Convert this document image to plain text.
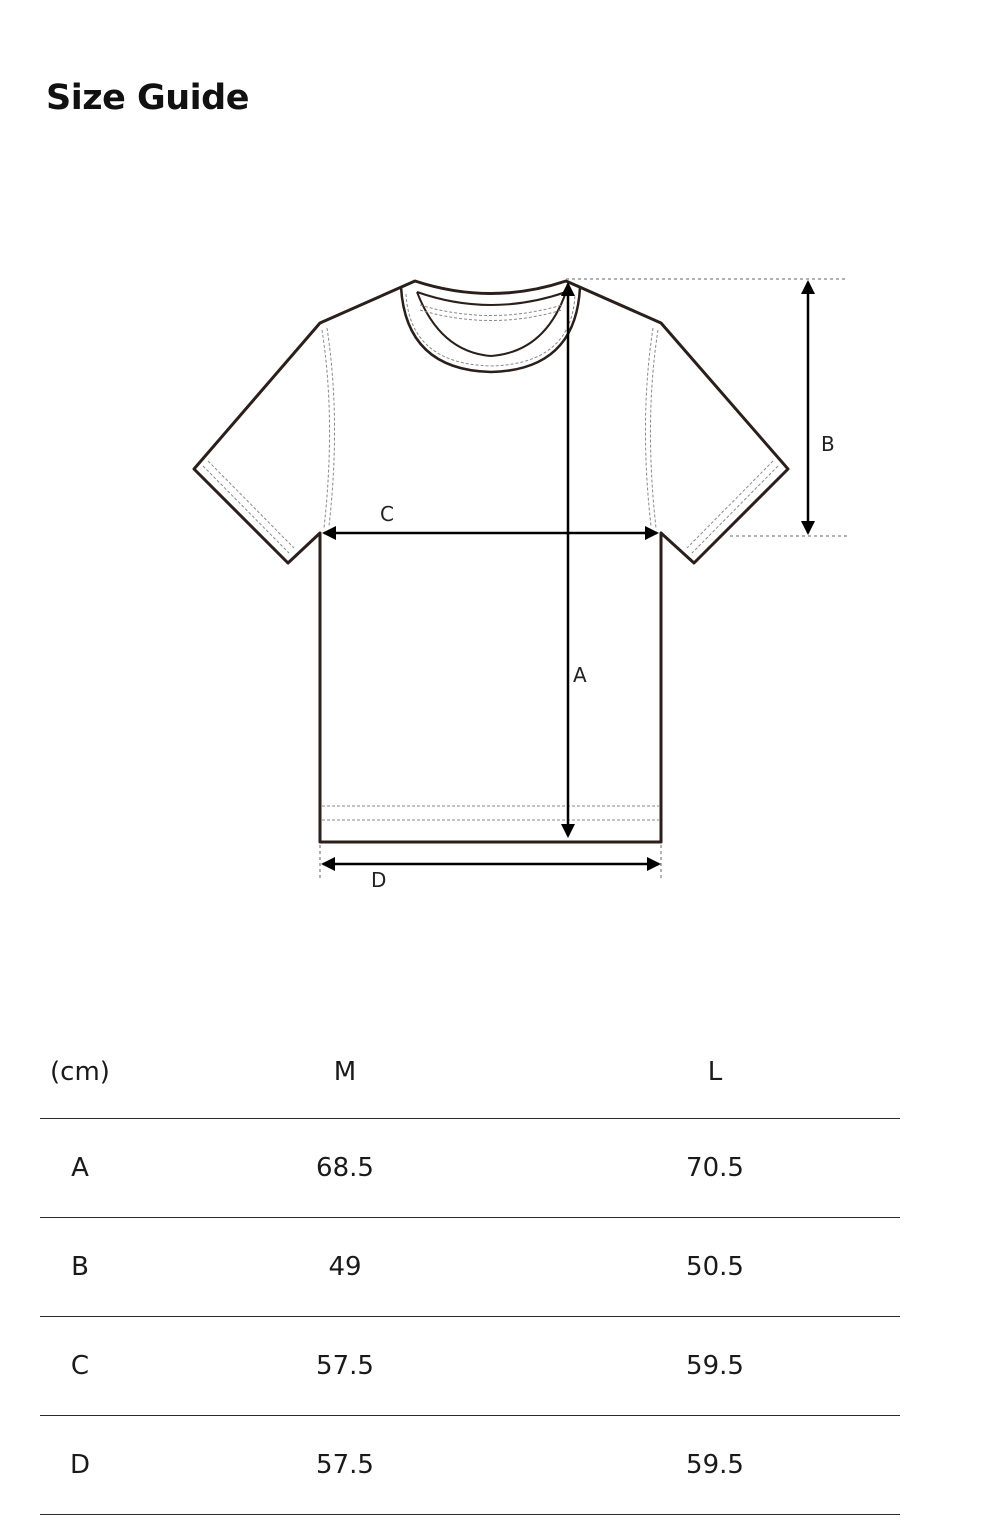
Size Guide
A
B
C
D
(cm)	M	L
A	68.5	70.5
B	49	50.5
C	57.5	59.5
D	57.5	59.5
